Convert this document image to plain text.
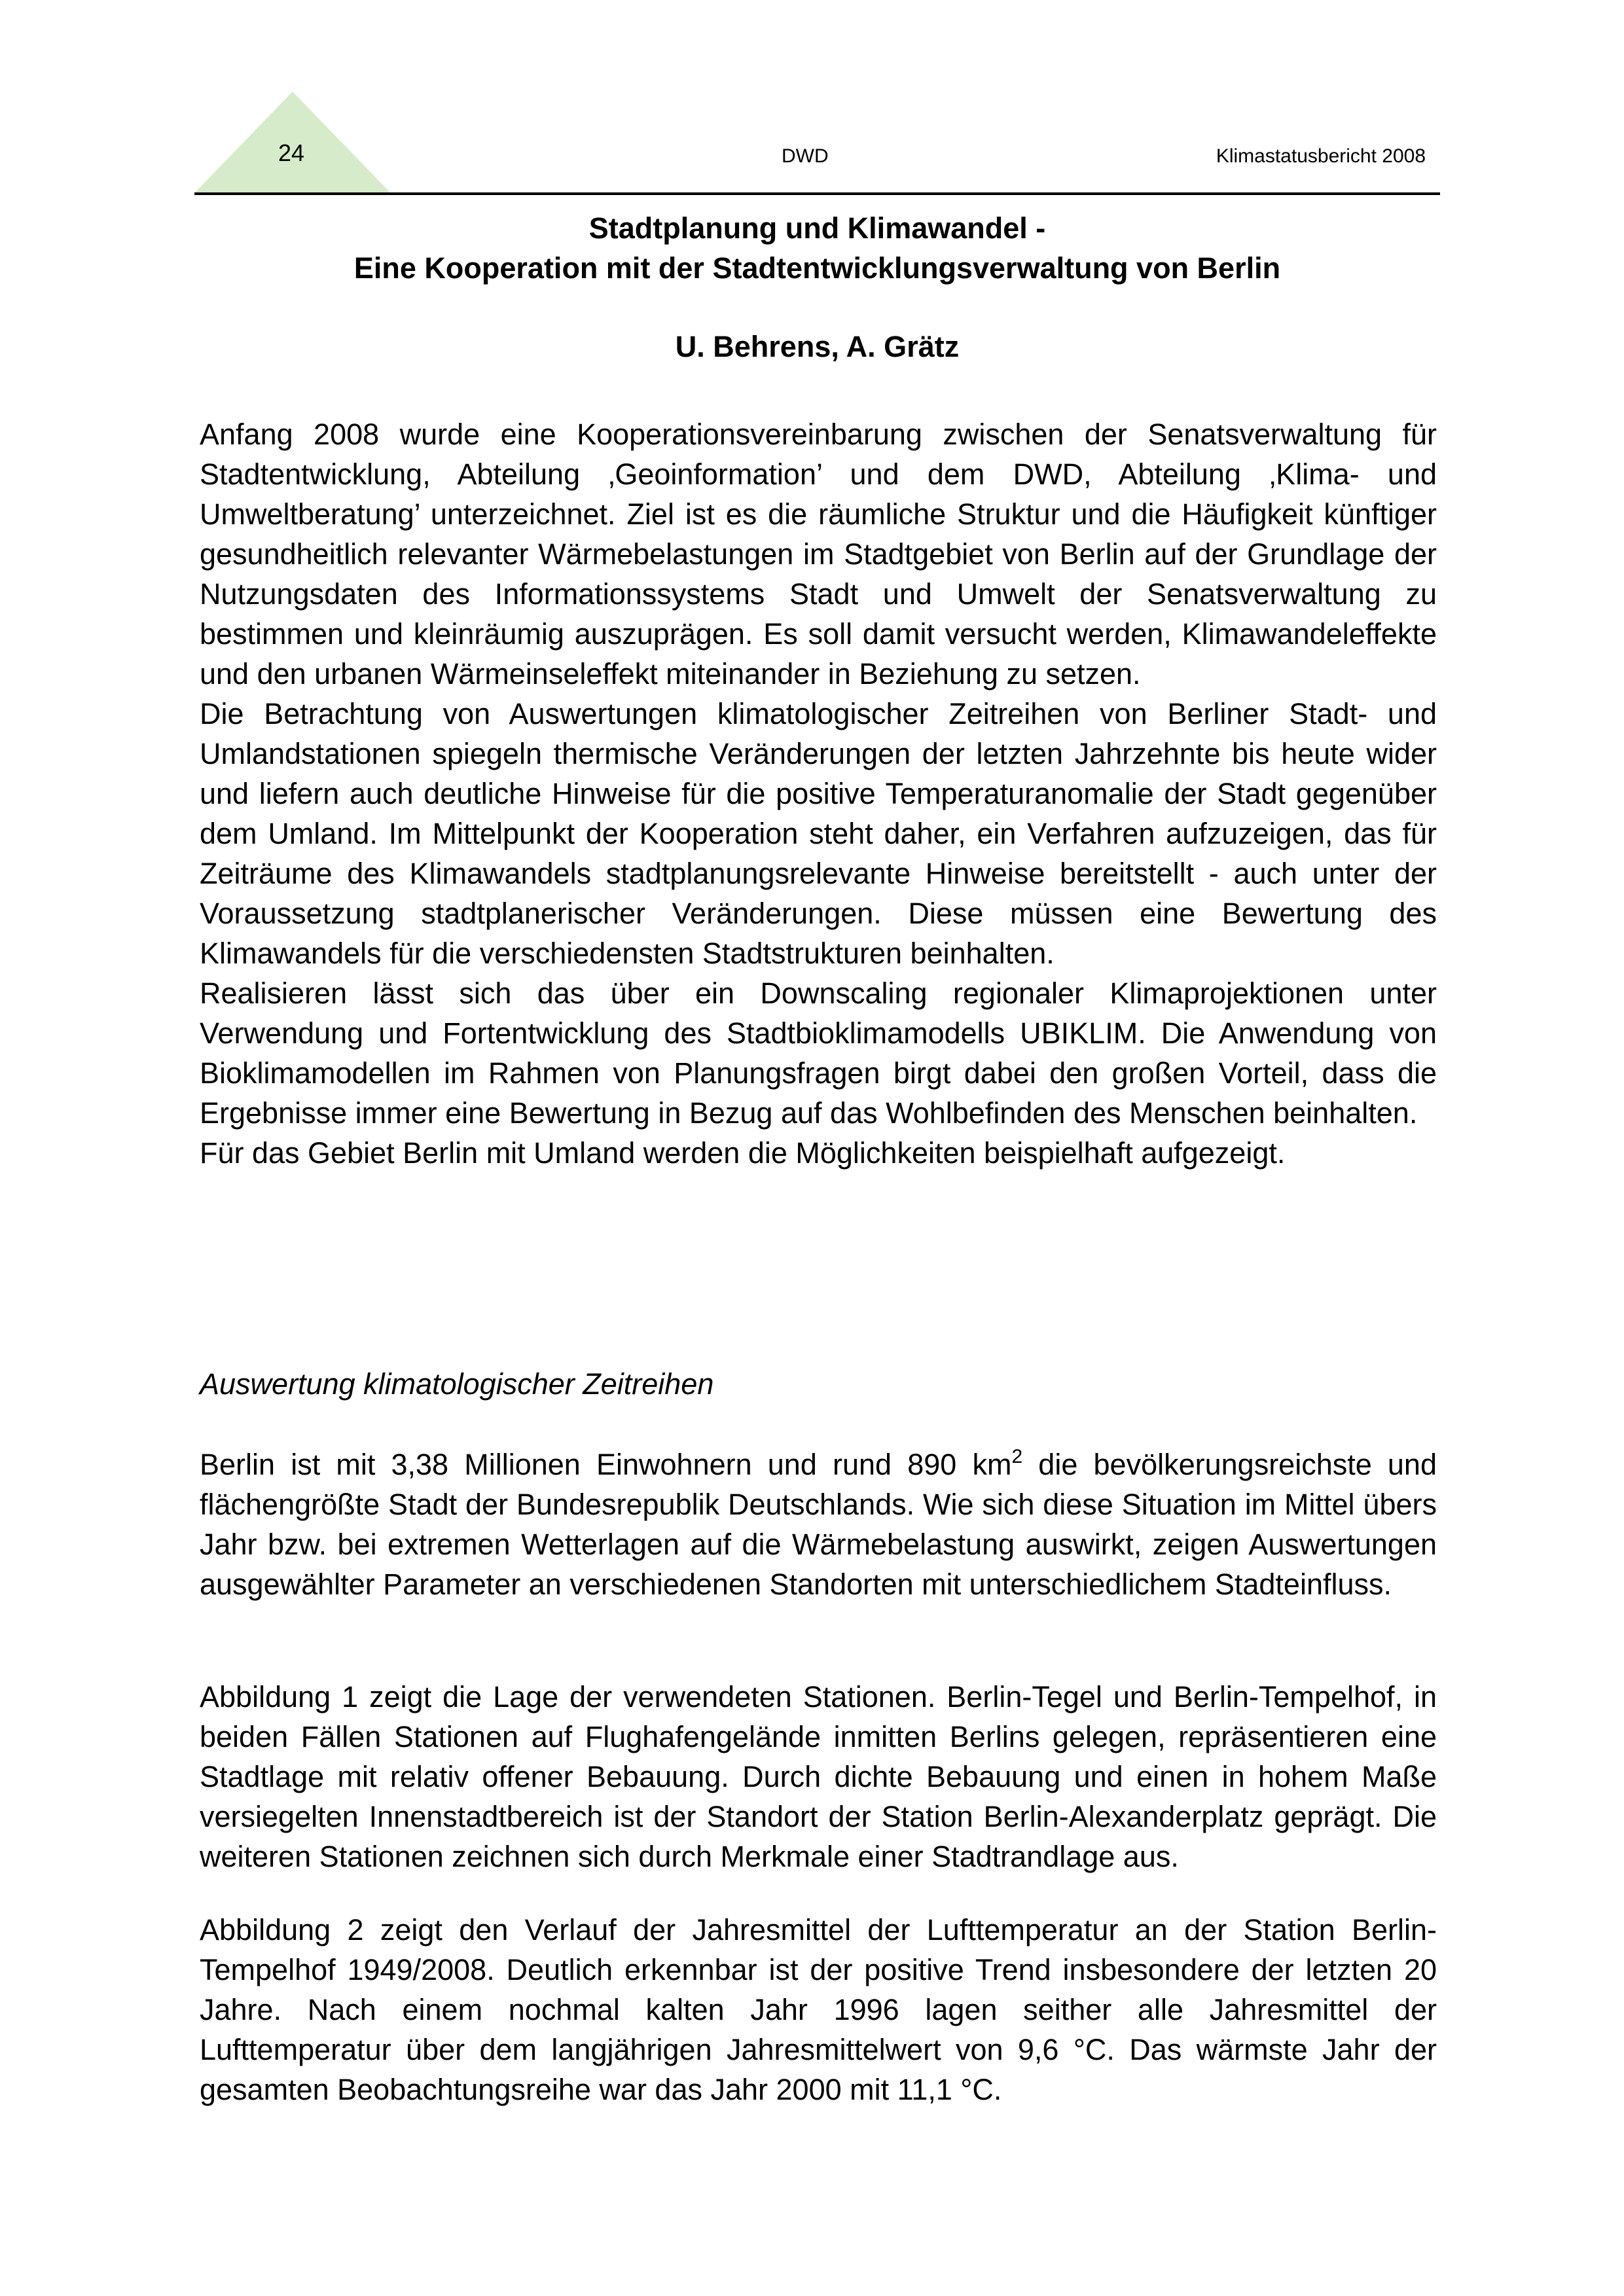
24	DWD	Klimastatusbericht 2008
Stadtplanung und Klimawandel -
Eine Kooperation mit der Stadtentwicklungsverwaltung von Berlin
U. Behrens, A. Grätz

Anfang 2008 wurde eine Kooperationsvereinbarung zwischen der Senatsverwaltung für Stadtentwicklung, Abteilung ‚Geoinformation’ und dem DWD, Abteilung ‚Klima- und Umweltberatung’ unterzeichnet. Ziel ist es die räumliche Struktur und die Häufigkeit künftiger gesundheitlich relevanter Wärmebelastungen im Stadtgebiet von Berlin auf der Grundlage der Nutzungsdaten des Informationssystems Stadt und Umwelt der Senatsverwaltung zu bestimmen und kleinräumig auszuprägen. Es soll damit versucht werden, Klimawandeleffekte und den urbanen Wärmeinseleffekt miteinander in Beziehung zu setzen.

Die Betrachtung von Auswertungen klimatologischer Zeitreihen von Berliner Stadt- und Umlandstationen spiegeln thermische Veränderungen der letzten Jahrzehnte bis heute wider und liefern auch deutliche Hinweise für die positive Temperaturanomalie der Stadt gegenüber dem Umland. Im Mittelpunkt der Kooperation steht daher, ein Verfahren aufzuzeigen, das für Zeiträume des Klimawandels stadtplanungsrelevante Hinweise bereitstellt - auch unter der Voraussetzung stadtplanerischer Veränderungen. Diese müssen eine Bewertung des Klimawandels für die verschiedensten Stadtstrukturen beinhalten.

Realisieren lässt sich das über ein Downscaling regionaler Klimaprojektionen unter Verwendung und Fortentwicklung des Stadtbioklimamodells UBIKLIM. Die Anwendung von Bioklimamodellen im Rahmen von Planungsfragen birgt dabei den großen Vorteil, dass die Ergebnisse immer eine Bewertung in Bezug auf das Wohlbefinden des Menschen beinhalten.

Für das Gebiet Berlin mit Umland werden die Möglichkeiten beispielhaft aufgezeigt.

Auswertung klimatologischer Zeitreihen

Berlin ist mit 3,38 Millionen Einwohnern und rund 890 $km^2$ die bevölkerungsreichste und flächengrößte Stadt der Bundesrepublik Deutschlands. Wie sich diese Situation im Mittel übers Jahr bzw. bei extremen Wetterlagen auf die Wärmebelastung auswirkt, zeigen Auswertungen ausgewählter Parameter an verschiedenen Standorten mit unterschiedlichem Stadteinfluss.

Abbildung 1 zeigt die Lage der verwendeten Stationen. Berlin-Tegel und Berlin-Tempelhof, in beiden Fällen Stationen auf Flughafengelände inmitten Berlins gelegen, repräsentieren eine Stadtlage mit relativ offener Bebauung. Durch dichte Bebauung und einen in hohem Maße versiegelten Innenstadtbereich ist der Standort der Station Berlin-Alexanderplatz geprägt. Die weiteren Stationen zeichnen sich durch Merkmale einer Stadtrandlage aus.

Abbildung 2 zeigt den Verlauf der Jahresmittel der Lufttemperatur an der Station Berlin-Tempelhof 1949/2008. Deutlich erkennbar ist der positive Trend insbesondere der letzten 20 Jahre. Nach einem nochmal kalten Jahr 1996 lagen seither alle Jahresmittel der Lufttemperatur über dem langjährigen Jahresmittelwert von 9,6 °C. Das wärmste Jahr der gesamten Beobachtungsreihe war das Jahr 2000 mit 11,1 °C.
